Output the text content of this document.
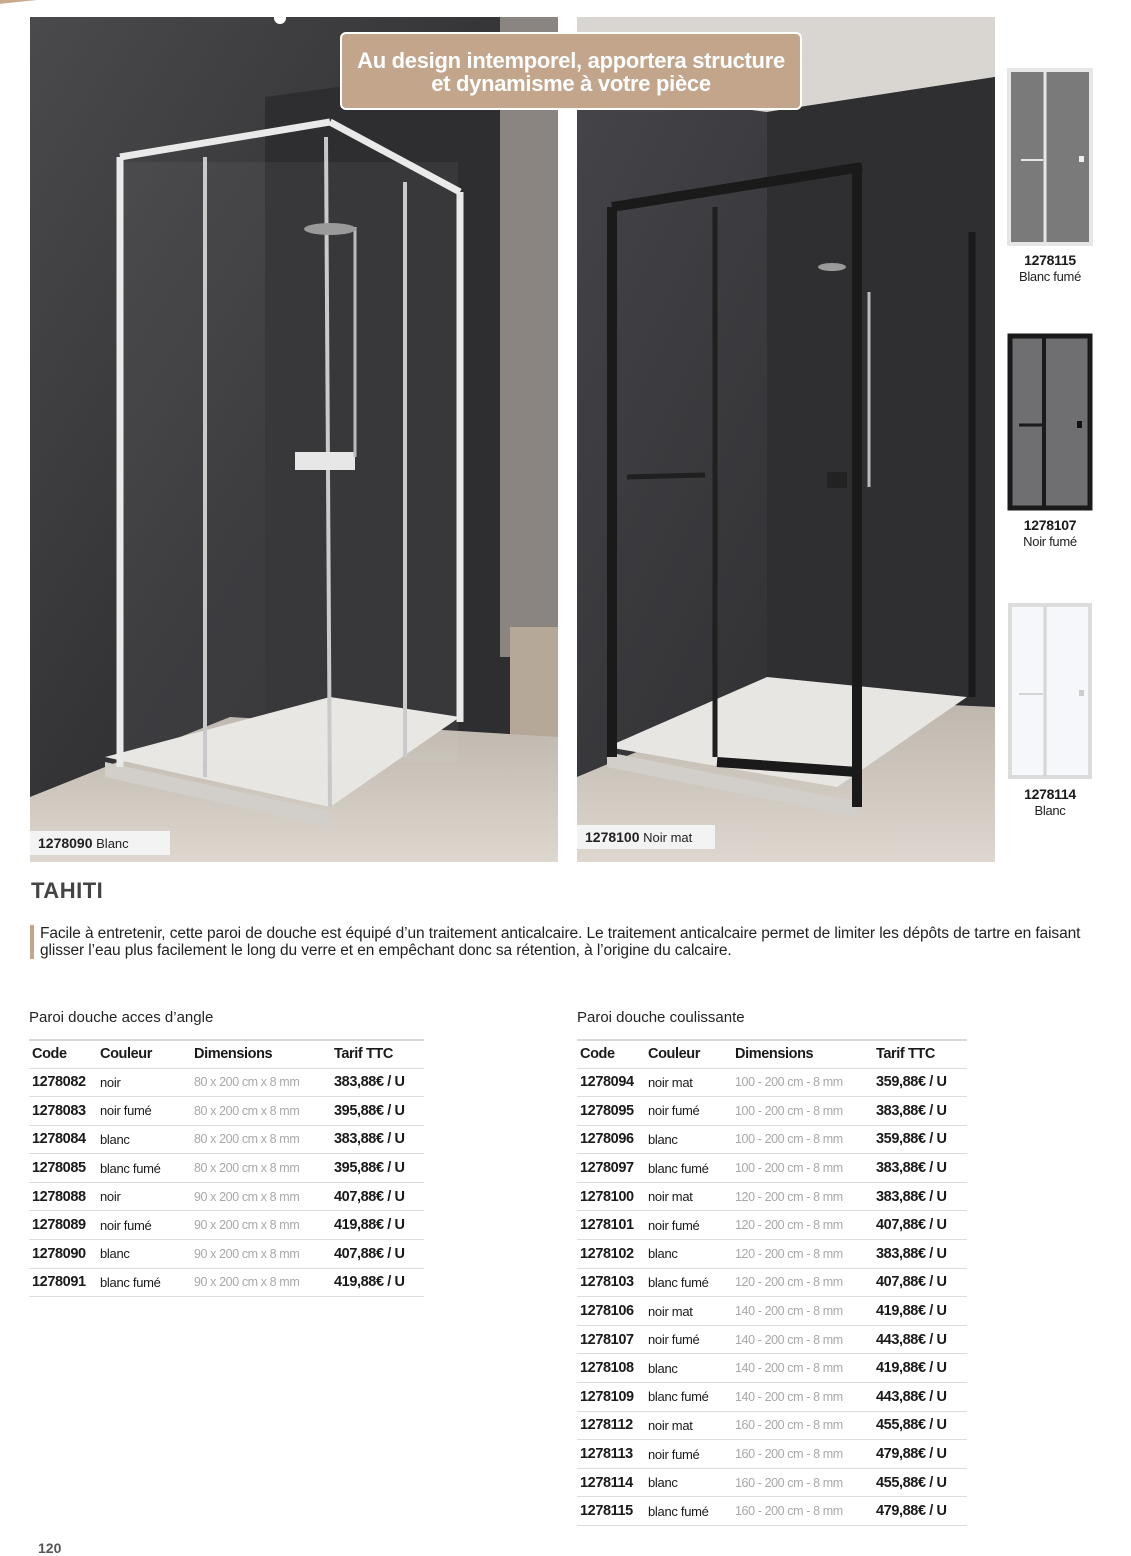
1278090 Blanc	1278100 Noir mat
Au design intemporel, apportera structure
et dynamisme à votre pièce
1278115
Blanc fumé
1278107
Noir fumé
1278114
Blanc
TAHITI

Facile à entretenir, cette paroi de douche est équipé d’un traitement anticalcaire. Le traitement anticalcaire permet de limiter les dépôts de tartre en faisant glisser l’eau plus facilement le long du verre et en empêchant donc sa rétention, à l’origine du calcaire.

Paroi douche acces d’angle
Code	Couleur	Dimensions	Tarif TTC
1278082	noir	80 x 200 cm x 8 mm	383,88€ / U
1278083	noir fumé	80 x 200 cm x 8 mm	395,88€ / U
1278084	blanc	80 x 200 cm x 8 mm	383,88€ / U
1278085	blanc fumé	80 x 200 cm x 8 mm	395,88€ / U
1278088	noir	90 x 200 cm x 8 mm	407,88€ / U
1278089	noir fumé	90 x 200 cm x 8 mm	419,88€ / U
1278090	blanc	90 x 200 cm x 8 mm	407,88€ / U
1278091	blanc fumé	90 x 200 cm x 8 mm	419,88€ / U
Paroi douche coulissante
Code	Couleur	Dimensions	Tarif TTC
1278094	noir mat	100 - 200 cm - 8 mm	359,88€ / U
1278095	noir fumé	100 - 200 cm - 8 mm	383,88€ / U
1278096	blanc	100 - 200 cm - 8 mm	359,88€ / U
1278097	blanc fumé	100 - 200 cm - 8 mm	383,88€ / U
1278100	noir mat	120 - 200 cm - 8 mm	383,88€ / U
1278101	noir fumé	120 - 200 cm - 8 mm	407,88€ / U
1278102	blanc	120 - 200 cm - 8 mm	383,88€ / U
1278103	blanc fumé	120 - 200 cm - 8 mm	407,88€ / U
1278106	noir mat	140 - 200 cm - 8 mm	419,88€ / U
1278107	noir fumé	140 - 200 cm - 8 mm	443,88€ / U
1278108	blanc	140 - 200 cm - 8 mm	419,88€ / U
1278109	blanc fumé	140 - 200 cm - 8 mm	443,88€ / U
1278112	noir mat	160 - 200 cm - 8 mm	455,88€ / U
1278113	noir fumé	160 - 200 cm - 8 mm	479,88€ / U
1278114	blanc	160 - 200 cm - 8 mm	455,88€ / U
1278115	blanc fumé	160 - 200 cm - 8 mm	479,88€ / U
120
